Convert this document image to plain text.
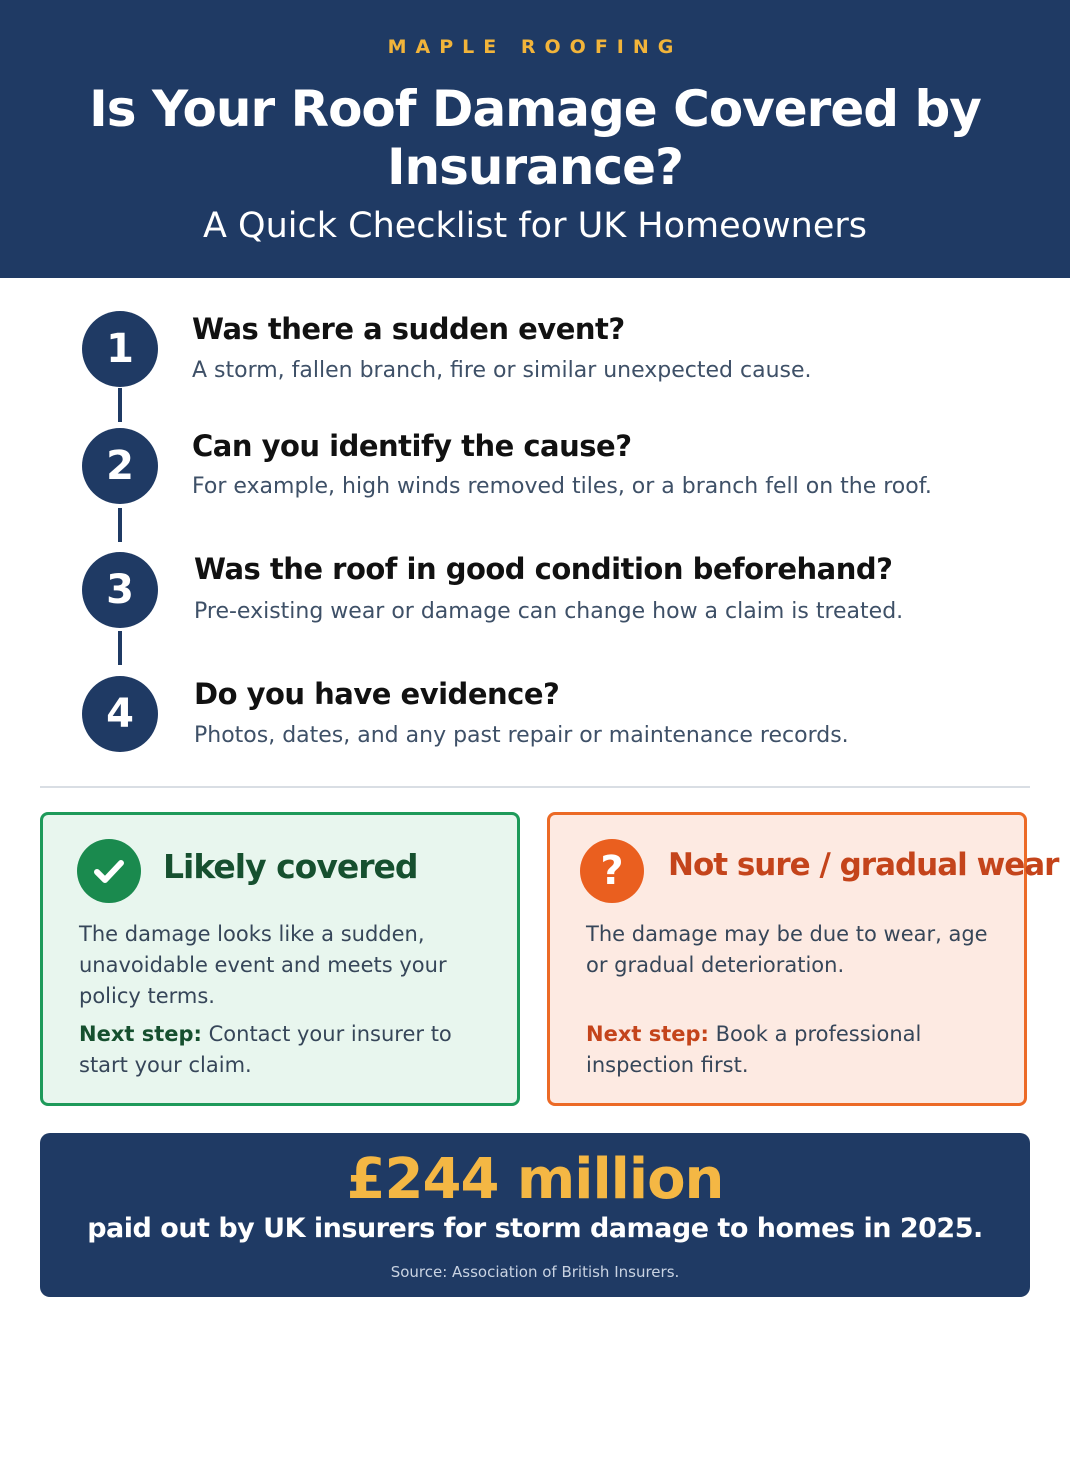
MAPLE ROOFING
Is Your Roof Damage Covered by Insurance?
A Quick Checklist for UK Homeowners
1	Was there a sudden event?
A storm, fallen branch, fire or similar unexpected cause.
2	Can you identify the cause?
For example, high winds removed tiles, or a branch fell on the roof.
3	Was the roof in good condition beforehand?
Pre-existing wear or damage can change how a claim is treated.
4	Do you have evidence?
Photos, dates, and any past repair or maintenance records.
Likely covered
The damage looks like a sudden, unavoidable event and meets your policy terms.
Next step: Contact your insurer to start your claim.
?	Not sure / gradual wear
The damage may be due to wear, age or gradual deterioration.
Next step: Book a professional inspection first.
£244 million
paid out by UK insurers for storm damage to homes in 2025.
Source: Association of British Insurers.
